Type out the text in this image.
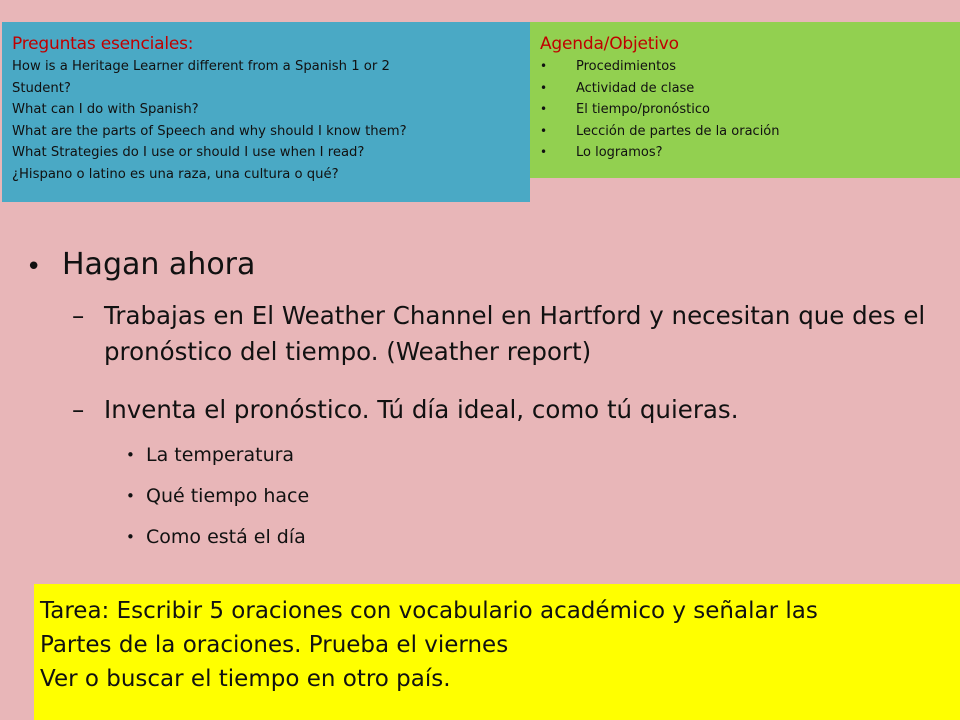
Preguntas esenciales:
How is a Heritage Learner different from a Spanish 1 or 2
Student?
What can I do with Spanish?
What are the parts of Speech and why should I know them?
What Strategies do I use or should I use when I read?
¿Hispano o latino es una raza, una cultura o qué?
Agenda/Objetivo
• Procedimientos
• Actividad de clase
• El tiempo/pronóstico
• Lección de partes de la oración
• Lo logramos?
• Hagan ahora
– Trabajas en El Weather Channel en Hartford y necesitan que des el pronóstico del tiempo. (Weather report)
– Inventa el pronóstico. Tú día ideal, como tú quieras.
• La temperatura
• Qué tiempo hace
• Como está el día
Tarea: Escribir 5 oraciones con vocabulario académico y señalar las
Partes de la oraciones. Prueba el viernes
Ver o buscar el tiempo en otro país.
